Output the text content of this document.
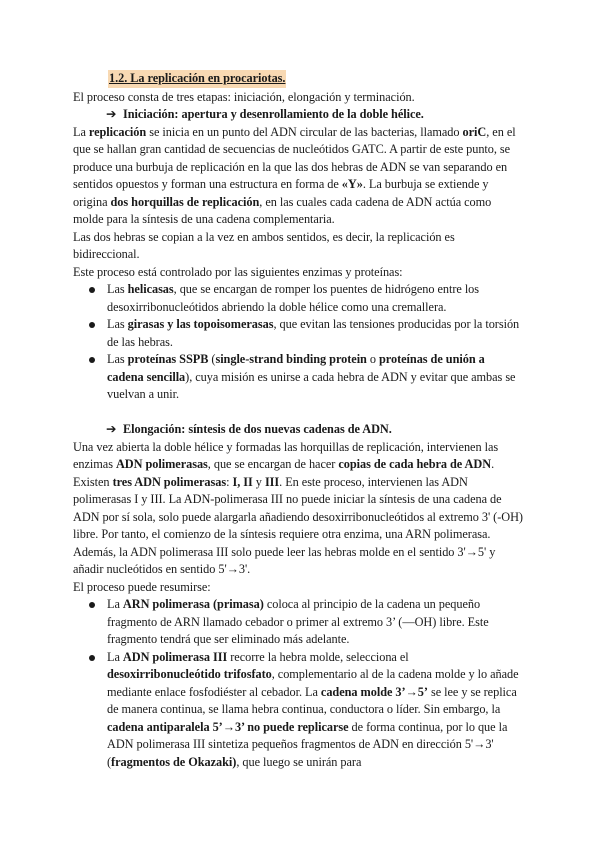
1.2. La replicación en procariotas.

El proceso consta de tres etapas: iniciación, elongación y terminación.

➔ Iniciación: apertura y desenrollamiento de la doble hélice.

La replicación se inicia en un punto del ADN circular de las bacterias, llamado oriC, en el que se hallan gran cantidad de secuencias de nucleótidos GATC. A partir de este punto, se produce una burbuja de replicación en la que las dos hebras de ADN se van separando en sentidos opuestos y forman una estructura en forma de «Y». La burbuja se extiende y origina dos horquillas de replicación, en las cuales cada cadena de ADN actúa como molde para la síntesis de una cadena complementaria.

Las dos hebras se copian a la vez en ambos sentidos, es decir, la replicación es bidireccional.

Este proceso está controlado por las siguientes enzimas y proteínas:

Las helicasas, que se encargan de romper los puentes de hidrógeno entre los desoxirribonucleótidos abriendo la doble hélice como una cremallera.
Las girasas y las topoisomerasas, que evitan las tensiones producidas por la torsión de las hebras.
Las proteínas SSPB (single-strand binding protein o proteínas de unión a cadena sencilla), cuya misión es unirse a cada hebra de ADN y evitar que ambas se vuelvan a unir.

➔ Elongación: síntesis de dos nuevas cadenas de ADN.

Una vez abierta la doble hélice y formadas las horquillas de replicación, intervienen las enzimas ADN polimerasas, que se encargan de hacer copias de cada hebra de ADN. Existen tres ADN polimerasas: I, II y III. En este proceso, intervienen las ADN polimerasas I y III. La ADN-polimerasa III no puede iniciar la síntesis de una cadena de ADN por sí sola, solo puede alargarla añadiendo desoxirribonucleótidos al extremo 3' (-OH) libre. Por tanto, el comienzo de la síntesis requiere otra enzima, una ARN polimerasa. Además, la ADN polimerasa III solo puede leer las hebras molde en el sentido 3'→5' y añadir nucleótidos en sentido 5'→3'.

El proceso puede resumirse:

La ARN polimerasa (primasa) coloca al principio de la cadena un pequeño fragmento de ARN llamado cebador o primer al extremo 3’ (—OH) libre. Este fragmento tendrá que ser eliminado más adelante.
La ADN polimerasa III recorre la hebra molde, selecciona el desoxirribonucleótido trifosfato, complementario al de la cadena molde y lo añade mediante enlace fosfodiéster al cebador. La cadena molde 3’→5’ se lee y se replica de manera continua, se llama hebra continua, conductora o líder. Sin embargo, la cadena antiparalela 5’→3’ no puede replicarse de forma continua, por lo que la ADN polimerasa III sintetiza pequeños fragmentos de ADN en dirección 5'→3' (fragmentos de Okazaki), que luego se unirán para
